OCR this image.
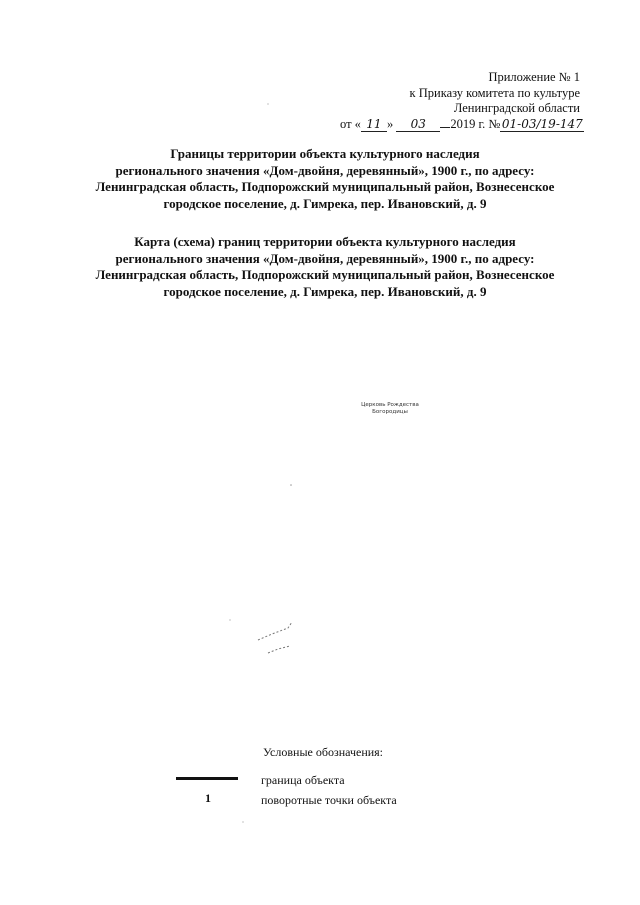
Приложение № 1
к Приказу комитета по культуре
Ленинградской области
от « 11 » 03 2019 г. № 01-03/19-147
Границы территории объекта культурного наследия
регионального значения «Дом-двойня, деревянный», 1900 г., по адресу:
Ленинградская область, Подпорожский муниципальный район, Вознесенское
городское поселение, д. Гимрека, пер. Ивановский, д. 9
Карта (схема) границ территории объекта культурного наследия
регионального значения «Дом-двойня, деревянный», 1900 г., по адресу:
Ленинградская область, Подпорожский муниципальный район, Вознесенское
городское поселение, д. Гимрека, пер. Ивановский, д. 9
Церковь Рождества
Богородицы
Условные обозначения:
граница объекта
1	поворотные точки объекта
